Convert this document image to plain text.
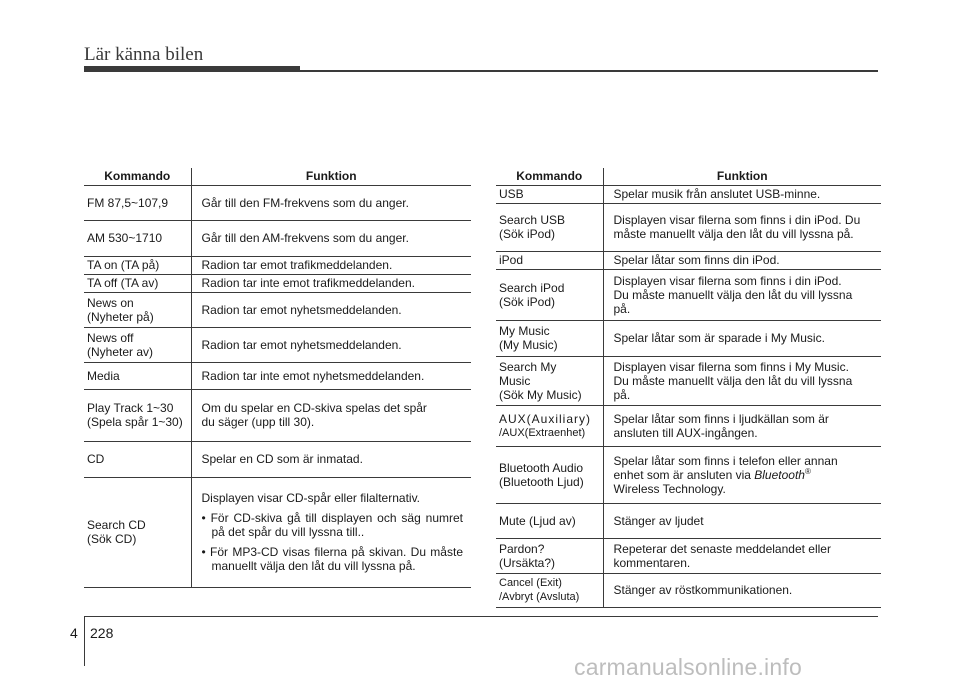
Lär känna bilen
Kommando	Funktion
FM 87,5~107,9	Går till den FM-frekvens som du anger.
AM 530~1710	Går till den AM-frekvens som du anger.
TA on (TA på)	Radion tar emot trafikmeddelanden.
TA off (TA av)	Radion tar inte emot trafikmeddelanden.

News on
(Nyheter på)	Radion tar emot nyhetsmeddelanden.

News off
(Nyheter av)	Radion tar emot nyhetsmeddelanden.
Media	Radion tar inte emot nyhetsmeddelanden.

Play Track 1~30
(Spela spår 1~30)	Om du spelar en CD-skiva spelas det spår
du säger (upp till 30).

CD	Spelar en CD som är inmatad.

Search CD
(Sök CD)	Displayen visar CD-spår eller filalternativ.
• För CD-skiva gå till displayen och säg numret på det spår du vill lyssna till..
• För MP3-CD visas filerna på skivan. Du måste manuellt välja den låt du vill lyssna på.
Kommando	Funktion
USB	Spelar musik från anslutet USB-minne.

Search USB
(Sök iPod)	Displayen visar filerna som finns i din iPod. Du
måste manuellt välja den låt du vill lyssna på.

iPod	Spelar låtar som finns din iPod.

Search iPod
(Sök iPod)	Displayen visar filerna som finns i din iPod.
Du måste manuellt välja den låt du vill lyssna
på.

My Music
(My Music)	Spelar låtar som är sparade i My Music.

Search My
Music
(Sök My Music)	Displayen visar filerna som finns i My Music.
Du måste manuellt välja den låt du vill lyssna
på.

AUX(Auxiliary)
/AUX(Extraenhet)	Spelar låtar som finns i ljudkällan som är
ansluten till AUX-ingången.

Bluetooth Audio
(Bluetooth Ljud)	Spelar låtar som finns i telefon eller annan
enhet som är ansluten via Bluetooth®
Wireless Technology.

Mute (Ljud av)	Stänger av ljudet

Pardon?
(Ursäkta?)	Repeterar det senaste meddelandet eller
kommentaren.

Cancel (Exit)
/Avbryt (Avsluta)	Stänger av röstkommunikationen.
4 228
carmanualsonline.info
